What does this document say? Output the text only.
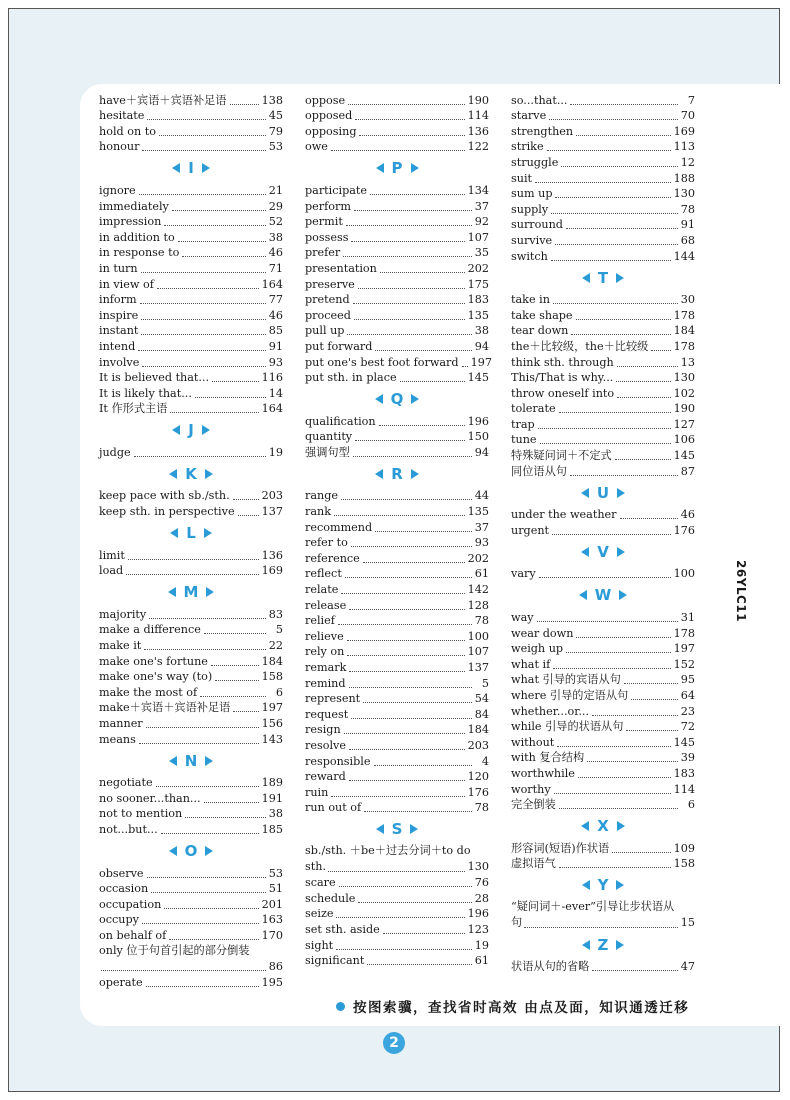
have＋宾语＋宾语补足语	138
hesitate	45
hold on to	79
honour	53
I
ignore	21
immediately	29
impression	52
in addition to	38
in response to	46
in turn	71
in view of	164
inform	77
inspire	46
instant	85
intend	91
involve	93
It is believed that...	116
It is likely that...	14
It 作形式主语	164
J
judge	19
K
keep pace with sb./sth.	203
keep sth. in perspective 137
L
limit	136
load	169
M
majority	83
make a difference	5
make it	22
make one's fortune	184
make one's way (to)	158
make the most of	6
make＋宾语＋宾语补足语	197
manner	156
means	143
N
negotiate	189
no sooner...than...	191
not to mention	38
not...but...	185
O
observe	53
occasion	51
occupation	201
occupy	163
on behalf of	170
only 位于句首引起的部分倒装
86
operate	195
oppose	190
opposed	114
opposing	136
owe	122
P
participate	134
perform	37
permit	92
possess	107
prefer	35
presentation	202
preserve	175
pretend	183
proceed	135
pull up	38
put forward	94
put one's best foot forward 197
put sth. in place	145
Q
qualification	196
quantity	150
强调句型	94
R
range	44
rank	135
recommend	37
refer to	93
reference	202
reflect	61
relate	142
release	128
relief	78
relieve	100
rely on	107
remark	137
remind	5
represent	54
request	84
resign	184
resolve	203
responsible	4
reward	120
ruin	176
run out of	78
S
sb./sth. ＋be＋过去分词＋to do
sth.	130
scare	76
schedule	28
seize	196
set sth. aside	123
sight	19
significant	61
so...that...	7
starve	70
strengthen	169
strike	113
struggle	12
suit	188
sum up	130
supply	78
surround	91
survive	68
switch	144
T
take in	30
take shape	178
tear down	184
the＋比较级，the＋比较级 178
think sth. through	13
This/That is why...	130
throw oneself into	102
tolerate	190
trap	127
tune	106
特殊疑问词＋不定式	145
同位语从句	87
U
under the weather	46
urgent	176
V
vary	100
W
way	31
wear down	178
weigh up	197
what if	152
what 引导的宾语从句	95
where 引导的定语从句	64
whether...or...	23
while 引导的状语从句	72
without	145
with 复合结构	39
worthwhile	183
worthy	114
完全倒装	6
X
形容词(短语)作状语	109
虚拟语气	158
Y
“疑问词＋-ever”引导让步状语从
句	15
Z
状语从句的省略	47
26YLC11
按图索骥，查找省时高效 由点及面，知识通透迁移
2
